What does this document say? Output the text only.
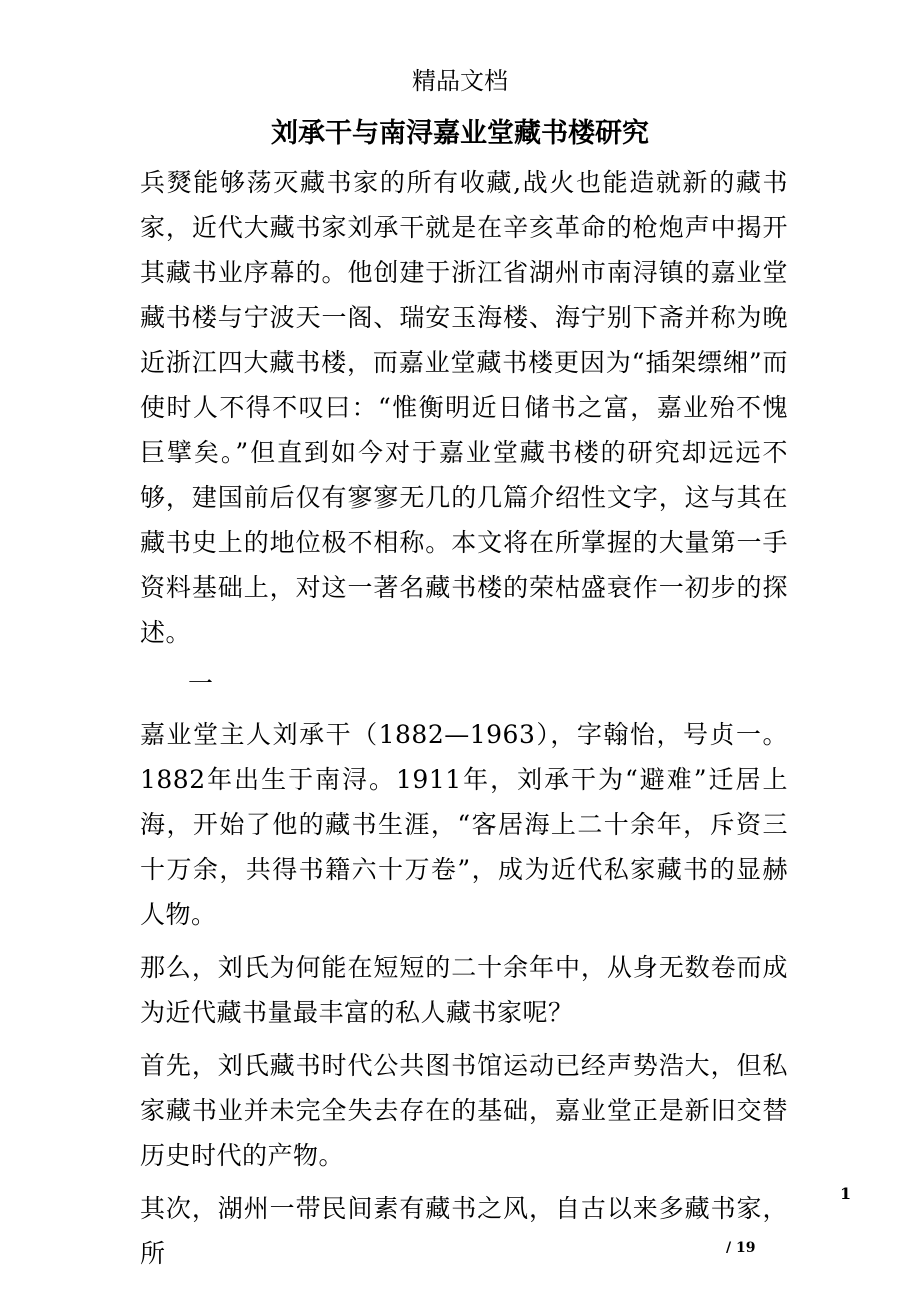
精品文档
刘承干与南浔嘉业堂藏书楼研究

兵燹能够荡灭藏书家的所有收藏,战火也能造就新的藏书家，近代大藏书家刘承干就是在辛亥革命的枪炮声中揭开其藏书业序幕的。他创建于浙江省湖州市南浔镇的嘉业堂藏书楼与宁波天一阁、瑞安玉海楼、海宁别下斋并称为晚近浙江四大藏书楼，而嘉业堂藏书楼更因为“插架缥缃”而使时人不得不叹曰：“惟衡明近日储书之富，嘉业殆不愧巨擘矣。”但直到如今对于嘉业堂藏书楼的研究却远远不够，建国前后仅有寥寥无几的几篇介绍性文字，这与其在藏书史上的地位极不相称。本文将在所掌握的大量第一手资料基础上，对这一著名藏书楼的荣枯盛衰作一初步的探述。

一

嘉业堂主人刘承干（1882—1963），字翰怡，号贞一。1882年出生于南浔。1911年，刘承干为“避难”迁居上海，开始了他的藏书生涯，“客居海上二十余年，斥资三十万余，共得书籍六十万卷”，成为近代私家藏书的显赫人物。

那么，刘氏为何能在短短的二十余年中，从身无数卷而成为近代藏书量最丰富的私人藏书家呢？

首先，刘氏藏书时代公共图书馆运动已经声势浩大，但私家藏书业并未完全失去存在的基础，嘉业堂正是新旧交替历史时代的产物。

其次，湖州一带民间素有藏书之风，自古以来多藏书家，所

1
/ 19
